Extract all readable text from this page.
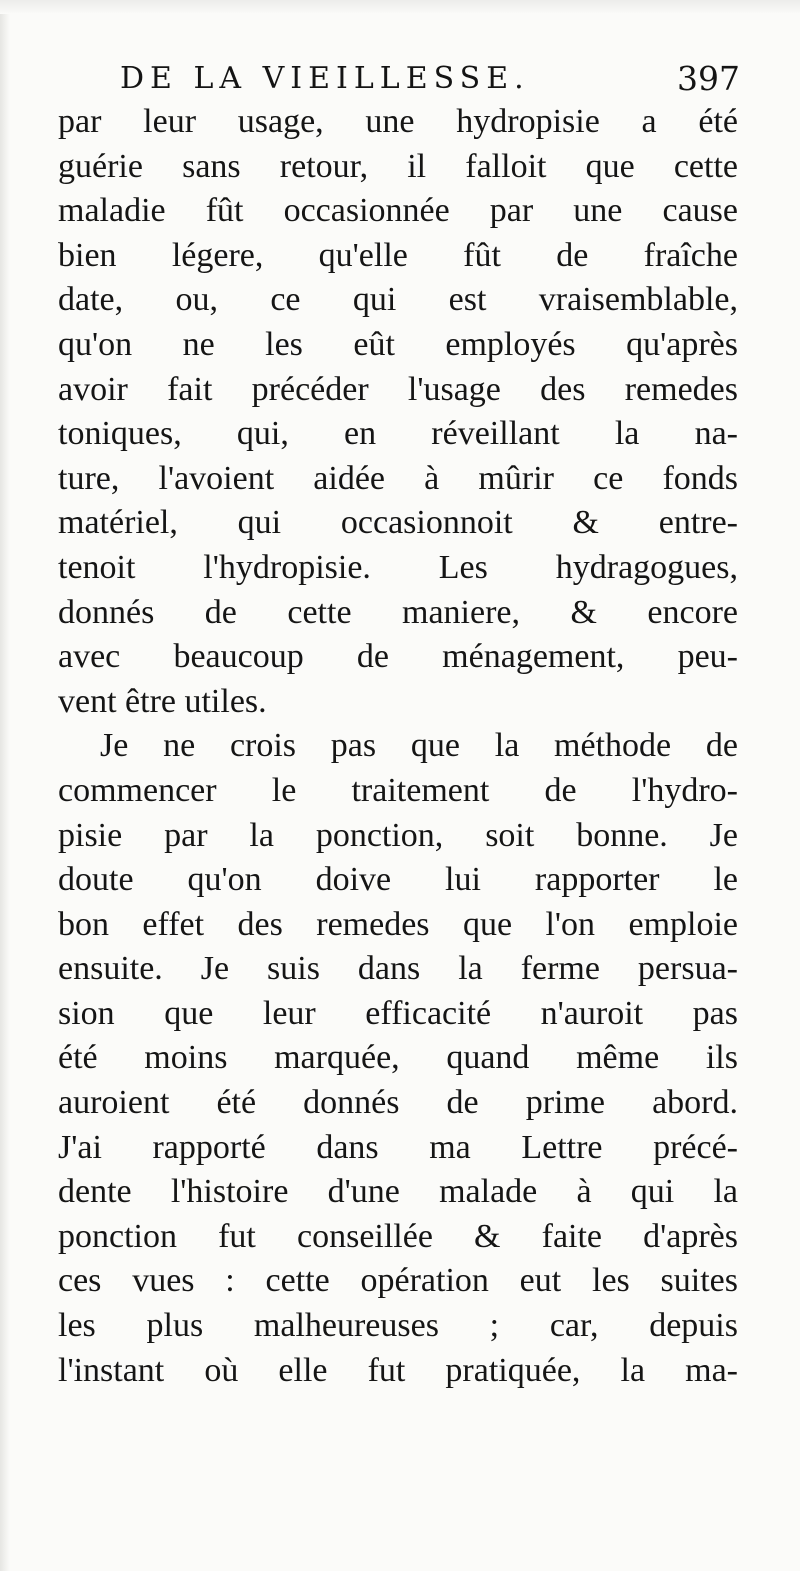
DE LA VIEILLESSE.	397
par leur usage, une hydropisie a été
guérie sans retour, il falloit que cette
maladie fût occasionnée par une cause
bien légere, qu'elle fût de fraîche
date, ou, ce qui est vraisemblable,
qu'on ne les eût employés qu'après
avoir fait précéder l'usage des remedes
toniques, qui, en réveillant la na-
ture, l'avoient aidée à mûrir ce fonds
matériel, qui occasionnoit & entre-
tenoit l'hydropisie. Les hydragogues,
donnés de cette maniere, & encore
avec beaucoup de ménagement, peu-
vent être utiles.
Je ne crois pas que la méthode de
commencer le traitement de l'hydro-
pisie par la ponction, soit bonne. Je
doute qu'on doive lui rapporter le
bon effet des remedes que l'on emploie
ensuite. Je suis dans la ferme persua-
sion que leur efficacité n'auroit pas
été moins marquée, quand même ils
auroient été donnés de prime abord.
J'ai rapporté dans ma Lettre précé-
dente l'histoire d'une malade à qui la
ponction fut conseillée & faite d'après
ces vues : cette opération eut les suites
les plus malheureuses ; car, depuis
l'instant où elle fut pratiquée, la ma-
